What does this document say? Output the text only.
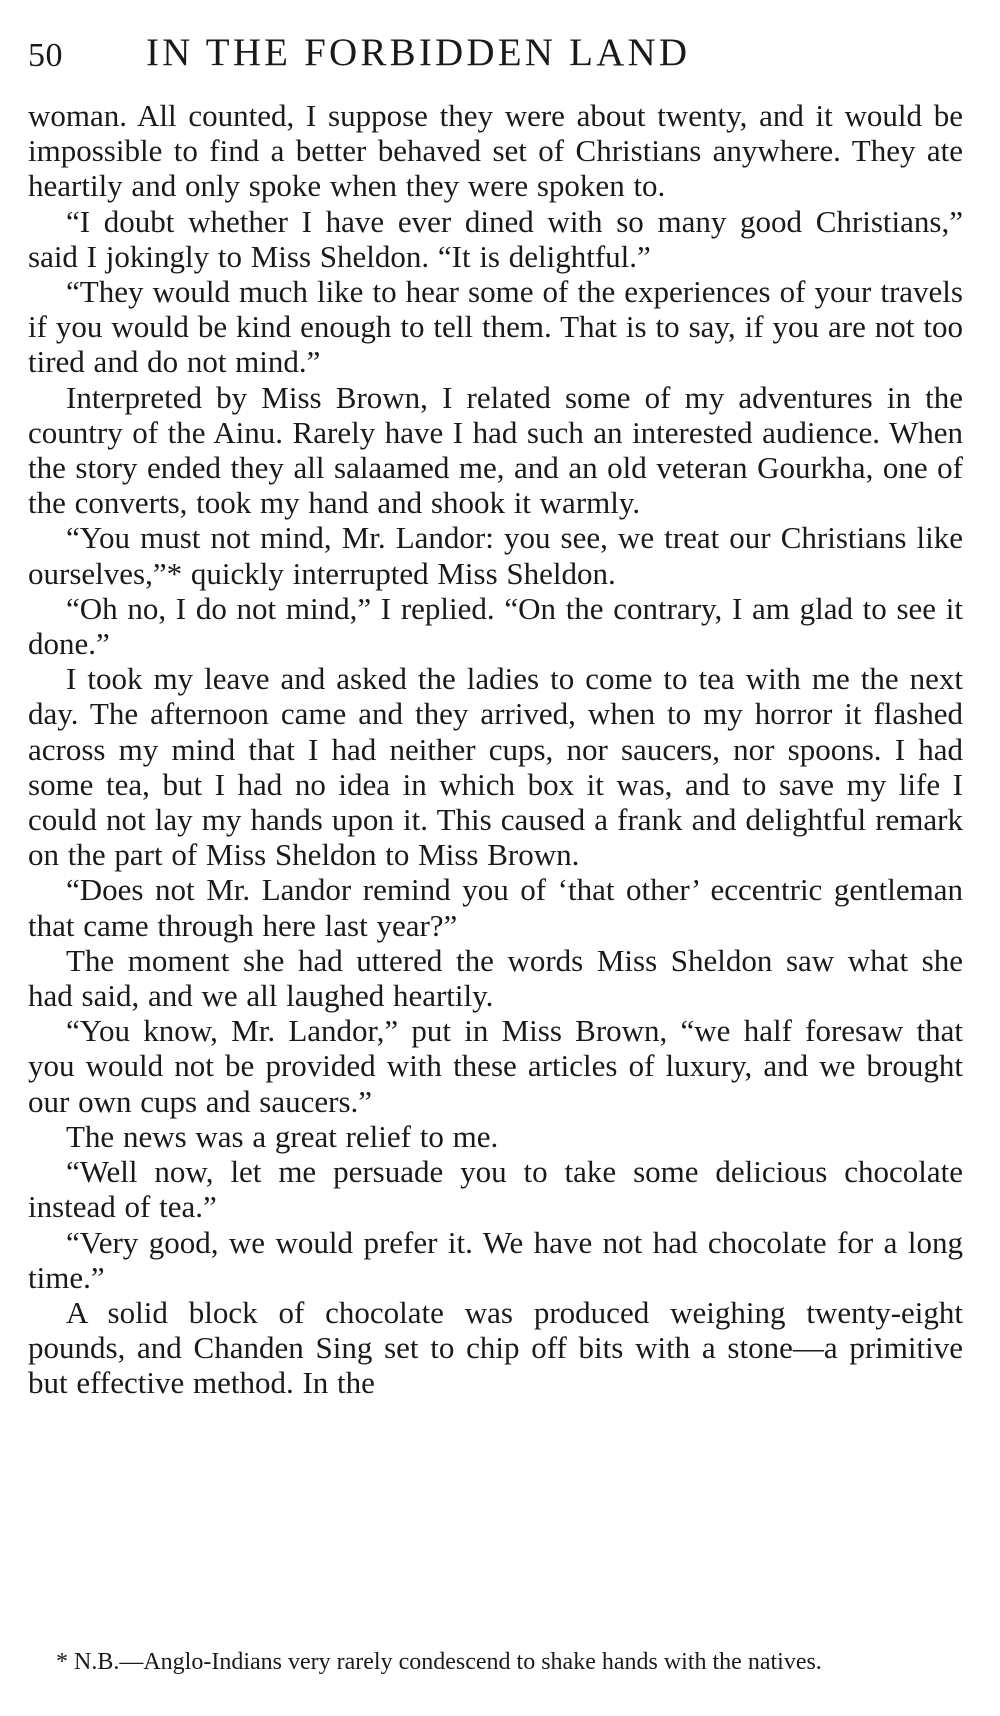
50 IN THE FORBIDDEN LAND

woman. All counted, I suppose they were about twenty, and it would be impossible to find a better behaved set of Christians anywhere. They ate heartily and only spoke when they were spoken to.

“I doubt whether I have ever dined with so many good Christians,” said I jokingly to Miss Sheldon. “It is delightful.”

“They would much like to hear some of the experiences of your travels if you would be kind enough to tell them. That is to say, if you are not too tired and do not mind.”

Interpreted by Miss Brown, I related some of my adventures in the country of the Ainu. Rarely have I had such an interested audience. When the story ended they all salaamed me, and an old veteran Gourkha, one of the converts, took my hand and shook it warmly.

“You must not mind, Mr. Landor: you see, we treat our Christians like ourselves,”* quickly interrupted Miss Sheldon.

“Oh no, I do not mind,” I replied. “On the contrary, I am glad to see it done.”

I took my leave and asked the ladies to come to tea with me the next day. The afternoon came and they arrived, when to my horror it flashed across my mind that I had neither cups, nor saucers, nor spoons. I had some tea, but I had no idea in which box it was, and to save my life I could not lay my hands upon it. This caused a frank and delightful remark on the part of Miss Sheldon to Miss Brown.

“Does not Mr. Landor remind you of ‘that other’ eccentric gentleman that came through here last year?”

The moment she had uttered the words Miss Sheldon saw what she had said, and we all laughed heartily.

“You know, Mr. Landor,” put in Miss Brown, “we half foresaw that you would not be provided with these articles of luxury, and we brought our own cups and saucers.”

The news was a great relief to me.

“Well now, let me persuade you to take some delicious chocolate instead of tea.”

“Very good, we would prefer it. We have not had chocolate for a long time.”

A solid block of chocolate was produced weighing twenty-eight pounds, and Chanden Sing set to chip off bits with a stone—a primitive but effective method. In the

* N.B.—Anglo-Indians very rarely condescend to shake hands with the natives.
